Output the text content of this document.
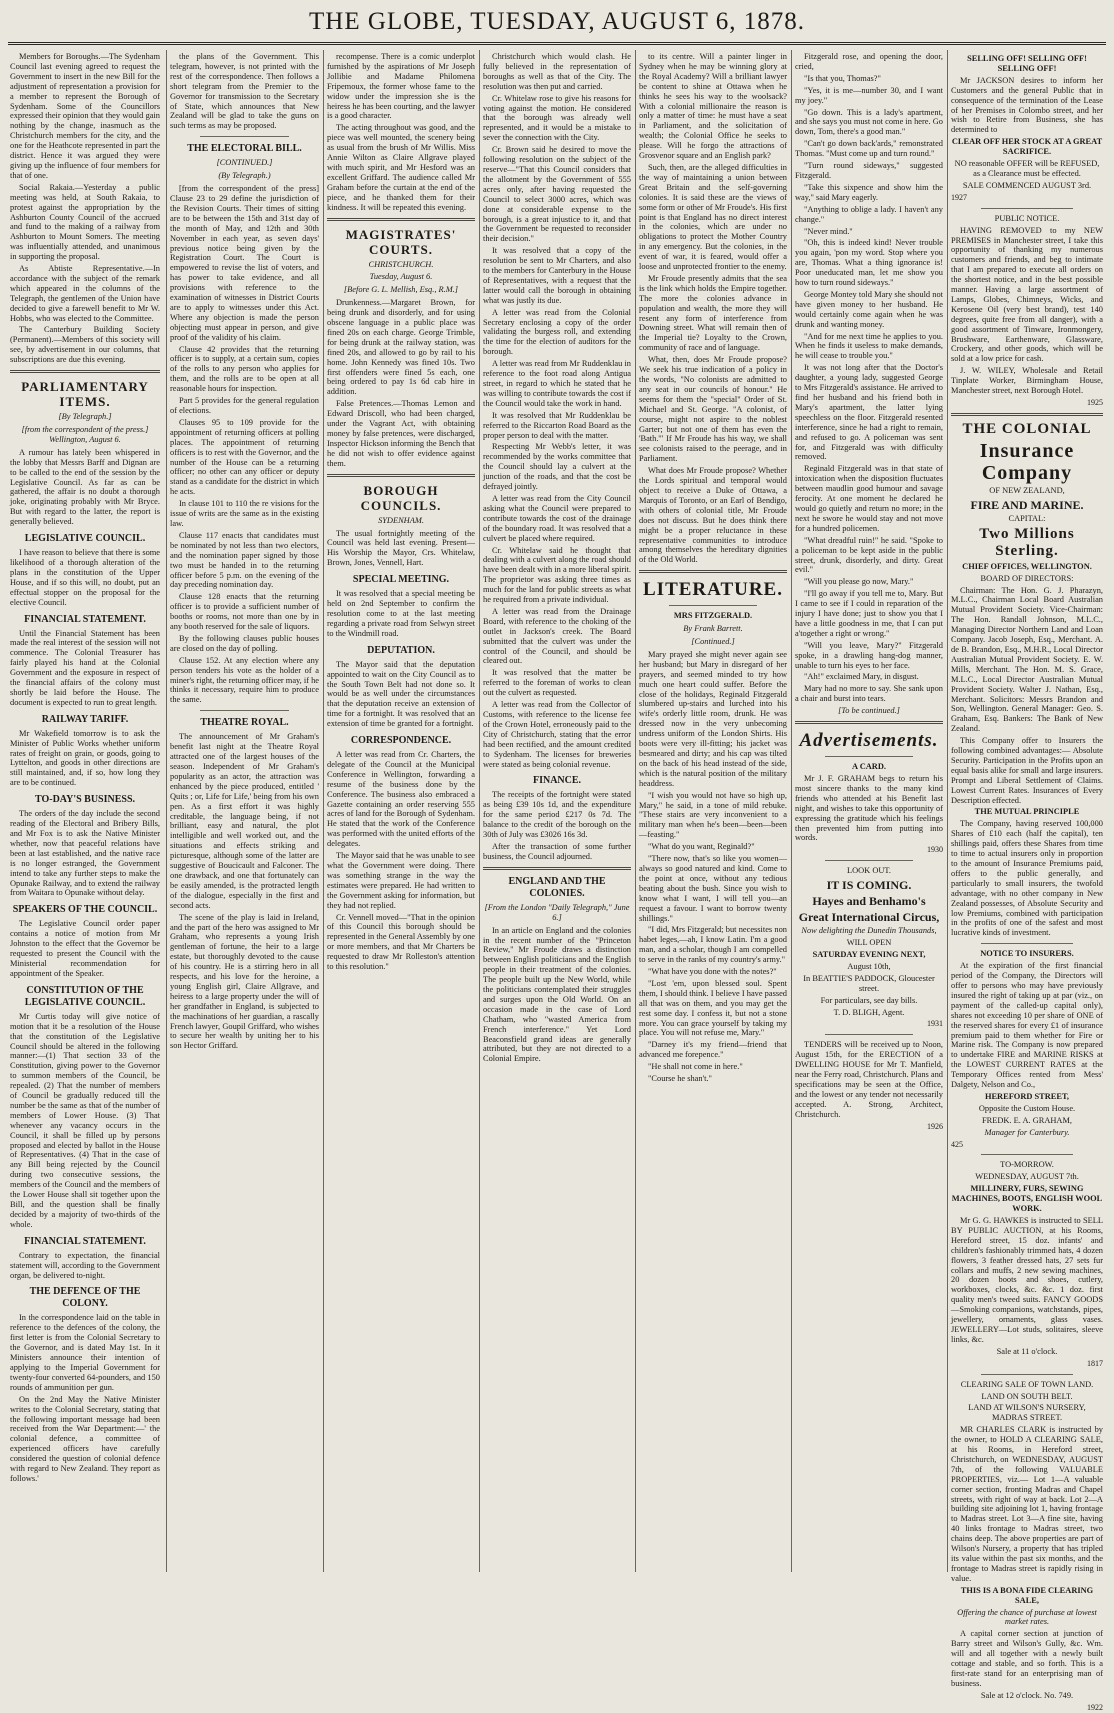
THE GLOBE, TUESDAY, AUGUST 6, 1878.

Members for Boroughs.—The Sydenham Council last evening agreed to request the Government to insert in the new Bill for the adjustment of representation a provision for a member to represent the Borough of Sydenham. Some of the Councillors expressed their opinion that they would gain nothing by the change, inasmuch as the Christchurch members for the city, and the one for the Heathcote represented in part the district. Hence it was argued they were giving up the influence of four members for that of one.

Social Rakaia.—Yesterday a public meeting was held, at South Rakaia, to protest against the appropriation by the Ashburton County Council of the accrued and fund to the making of a railway from Ashburton to Mount Somers. The meeting was influentially attended, and unanimous in supporting the proposal.

As Abtiste Representative.—In accordance with the subject of the remark which appeared in the columns of the Telegraph, the gentlemen of the Union have decided to give a farewell benefit to Mr W. Hobbs, who was elected to the Committee.

The Canterbury Building Society (Permanent).—Members of this society will see, by advertisement in our columns, that subscriptions are due this evening.

PARLIAMENTARY ITEMS.

[By Telegraph.]

[from the correspondent of the press.] Wellington, August 6.

A rumour has lately been whispered in the lobby that Messrs Barff and Dignan are to be called to the end of the session by the Legislative Council. As far as can be gathered, the affair is no doubt a thorough joke, originating probably with Mr Bryce. But with regard to the latter, the report is generally believed.

LEGISLATIVE COUNCIL.

I have reason to believe that there is some likelihood of a thorough alteration of the plans in the constitution of the Upper House, and if so this will, no doubt, put an effectual stopper on the proposal for the elective Council.

FINANCIAL STATEMENT.

Until the Financial Statement has been made the real interest of the session will not commence. The Colonial Treasurer has fairly played his hand at the Colonial Government and the exposure in respect of the financial affairs of the colony must shortly be laid before the House. The document is expected to run to great length.

RAILWAY TARIFF.

Mr Wakefield tomorrow is to ask the Minister of Public Works whether uniform rates of freight on grain, or goods, going to Lyttelton, and goods in other directions are still maintained, and, if so, how long they are to be continued.

TO-DAY'S BUSINESS.

The orders of the day include the second reading of the Electoral and Bribery Bills, and Mr Fox is to ask the Native Minister whether, now that peaceful relations have been at last established, and the native race is no longer estranged, the Government intend to take any further steps to make the Opunake Railway, and to extend the railway from Waitara to Opunake without delay.

SPEAKERS OF THE COUNCIL.

The Legislative Council order paper contains a notice of motion from Mr Johnston to the effect that the Governor be requested to present the Council with the Ministerial recommendation for appointment of the Speaker.

CONSTITUTION OF THE LEGISLATIVE COUNCIL.

Mr Curtis today will give notice of motion that it be a resolution of the House that the constitution of the Legislative Council should be altered in the following manner:—(1) That section 33 of the Constitution, giving power to the Governor to summon members of the Council, be repealed. (2) That the number of members of Council be gradually reduced till the number be the same as that of the number of members of Lower House. (3) That whenever any vacancy occurs in the Council, it shall be filled up by persons proposed and elected by ballot in the House of Representatives. (4) That in the case of any Bill being rejected by the Council during two consecutive sessions, the members of the Council and the members of the Lower House shall sit together upon the Bill, and the question shall be finally decided by a majority of two-thirds of the whole.

FINANCIAL STATEMENT.

Contrary to expectation, the financial statement will, according to the Government organ, be delivered to-night.

THE DEFENCE OF THE COLONY.

In the correspondence laid on the table in reference to the defences of the colony, the first letter is from the Colonial Secretary to the Governor, and is dated May 1st. In it Ministers announce their intention of applying to the Imperial Government for twenty-four converted 64-pounders, and 150 rounds of ammunition per gun.

On the 2nd May the Native Minister writes to the Colonial Secretary, stating that the following important message had been received from the War Department:—' the colonial defence, a committee of experienced officers have carefully considered the question of colonial defence with regard to New Zealand. They report as follows.'

the plans of the Government. This telegram, however, is not printed with the rest of the correspondence. Then follows a short telegram from the Premier to the Governor for transmission to the Secretary of State, which announces that New Zealand will be glad to take the guns on such terms as may be proposed.

THE ELECTORAL BILL.

[CONTINUED.]

(By Telegraph.)

[from the correspondent of the press] Clause 23 to 29 define the jurisdiction of the Revision Courts. Their times of sitting are to be between the 15th and 31st day of the month of May, and 12th and 30th November in each year, as seven days' previous notice being given by the Registration Court. The Court is empowered to revise the list of voters, and has power to take evidence, and all provisions with reference to the examination of witnesses in District Courts are to apply to witnesses under this Act. Where any objection is made the person objecting must appear in person, and give proof of the validity of his claim.

Clause 42 provides that the returning officer is to supply, at a certain sum, copies of the rolls to any person who applies for them, and the rolls are to be open at all reasonable hours for inspection.

Part 5 provides for the general regulation of elections.

Clauses 95 to 109 provide for the appointment of returning officers at polling places. The appointment of returning officers is to rest with the Governor, and the number of the House can be a returning officer; no other can any officer or deputy stand as a candidate for the district in which he acts.

In clause 101 to 110 the re visions for the issue of writs are the same as in the existing law.

Clause 117 enacts that candidates must be nominated by not less than two electors, and the nomination paper signed by those two must be handed in to the returning officer before 5 p.m. on the evening of the day preceding nomination day.

Clause 128 enacts that the returning officer is to provide a sufficient number of booths or rooms, not more than one by in any booth reserved for the sale of liquors.

By the following clauses public houses are closed on the day of polling.

Clause 152. At any election where any person tenders his vote as the holder of a miner's right, the returning officer may, if he thinks it necessary, require him to produce the same.

THEATRE ROYAL.

The announcement of Mr Graham's benefit last night at the Theatre Royal attracted one of the largest houses of the season. Independent of Mr Graham's popularity as an actor, the attraction was enhanced by the piece produced, entitled ' Quits ; or, Life for Life,' being from his own pen. As a first effort it was highly creditable, the language being, if not brilliant, easy and natural, the plot intelligible and well worked out, and the situations and effects striking and picturesque, although some of the latter are suggestive of Boucicault and Falconer. The one drawback, and one that fortunately can be easily amended, is the protracted length of the dialogue, especially in the first and second acts.

The scene of the play is laid in Ireland, and the part of the hero was assigned to Mr Graham, who represents a young Irish gentleman of fortune, the heir to a large estate, but thoroughly devoted to the cause of his country. He is a stirring hero in all respects, and his love for the heroine, a young English girl, Claire Allgrave, and heiress to a large property under the will of her grandfather in England, is subjected to the machinations of her guardian, a rascally French lawyer, Goupil Griffard, who wishes to secure her wealth by uniting her to his son Hector Griffard.

recompense. There is a comic underplot furnished by the aspirations of Mr Joseph Jollibie and Madame Philomena Fripemoux, the former whose fame to the widow under the impression she is the heiress he has been courting, and the lawyer is a good character.

The acting throughout was good, and the piece was well mounted, the scenery being as usual from the brush of Mr Willis. Miss Annie Wilton as Claire Allgrave played with much spirit, and Mr Hesford was an excellent Griffard. The audience called Mr Graham before the curtain at the end of the piece, and he thanked them for their kindness. It will be repeated this evening.

MAGISTRATES' COURTS.

CHRISTCHURCH.

Tuesday, August 6.

[Before G. L. Mellish, Esq., R.M.]

Drunkenness.—Margaret Brown, for being drunk and disorderly, and for using obscene language in a public place was fined 20s on each charge. George Trimble, for being drunk at the railway station, was fined 20s, and allowed to go by rail to his home. John Kennedy was fined 10s. Two first offenders were fined 5s each, one being ordered to pay 1s 6d cab hire in addition.

False Pretences.—Thomas Lemon and Edward Driscoll, who had been charged, under the Vagrant Act, with obtaining money by false pretences, were discharged, Inspector Hickson informing the Bench that he did not wish to offer evidence against them.

BOROUGH COUNCILS.

SYDENHAM.

The usual fortnightly meeting of the Council was held last evening. Present—His Worship the Mayor, Crs. Whitelaw, Brown, Jones, Vennell, Hart.

SPECIAL MEETING.

It was resolved that a special meeting be held on 2nd September to confirm the resolution come to at the last meeting regarding a private road from Selwyn street to the Windmill road.

DEPUTATION.

The Mayor said that the deputation appointed to wait on the City Council as to the South Town Belt had not done so. It would be as well under the circumstances that the deputation receive an extension of time for a fortnight. It was resolved that an extension of time be granted for a fortnight.

CORRESPONDENCE.

A letter was read from Cr. Charters, the delegate of the Council at the Municipal Conference in Wellington, forwarding a resume of the business done by the Conference. The business also embraced a Gazette containing an order reserving 555 acres of land for the Borough of Sydenham. He stated that the work of the Conference was performed with the united efforts of the delegates.

The Mayor said that he was unable to see what the Government were doing. There was something strange in the way the estimates were prepared. He had written to the Government asking for information, but they had not replied.

Cr. Vennell moved—"That in the opinion of this Council this borough should be represented in the General Assembly by one or more members, and that Mr Charters be requested to draw Mr Rolleston's attention to this resolution."

Christchurch which would clash. He fully believed in the representation of boroughs as well as that of the City. The resolution was then put and carried.

Cr. Whitelaw rose to give his reasons for voting against the motion. He considered that the borough was already well represented, and it would be a mistake to sever the connection with the City.

Cr. Brown said he desired to move the following resolution on the subject of the reserve—"That this Council considers that the allotment by the Government of 555 acres only, after having requested the Council to select 3000 acres, which was done at considerable expense to the borough, is a great injustice to it, and that the Government be requested to reconsider their decision."

It was resolved that a copy of the resolution be sent to Mr Charters, and also to the members for Canterbury in the House of Representatives, with a request that the latter would call the borough in obtaining what was justly its due.

A letter was read from the Colonial Secretary enclosing a copy of the order validating the burgess roll, and extending the time for the election of auditors for the borough.

A letter was read from Mr Ruddenklau in reference to the foot road along Antigua street, in regard to which he stated that he was willing to contribute towards the cost if the Council would take the work in hand.

It was resolved that Mr Ruddenklau be referred to the Riccarton Road Board as the proper person to deal with the matter.

Respecting Mr Webb's letter, it was recommended by the works committee that the Council should lay a culvert at the junction of the roads, and that the cost be defrayed jointly.

A letter was read from the City Council asking what the Council were prepared to contribute towards the cost of the drainage of the boundary road. It was resolved that a culvert be placed where required.

Cr. Whitelaw said he thought that dealing with a culvert along the road should have been dealt with in a more liberal spirit. The proprietor was asking three times as much for the land for public streets as what he required from a private individual.

A letter was read from the Drainage Board, with reference to the choking of the outlet in Jackson's creek. The Board submitted that the culvert was under the control of the Council, and should be cleared out.

It was resolved that the matter be referred to the foreman of works to clean out the culvert as requested.

A letter was read from the Collector of Customs, with reference to the license fee of the Crown Hotel, erroneously paid to the City of Christchurch, stating that the error had been rectified, and the amount credited to Sydenham. The licenses for breweries were stated as being colonial revenue.

FINANCE.

The receipts of the fortnight were stated as being £39 10s 1d, and the expenditure for the same period £217 0s 7d. The balance to the credit of the borough on the 30th of July was £3026 16s 3d.

After the transaction of some further business, the Council adjourned.

ENGLAND AND THE COLONIES.

[From the London "Daily Telegraph," June 6.]

In an article on England and the colonies in the recent number of the "Princeton Review," Mr Froude draws a distinction between English politicians and the English people in their treatment of the colonies. The people built up the New World, while the politicians contemplated their struggles and surges upon the Old World. On an occasion made in the case of Lord Chatham, who "wasted America from French interference." Yet Lord Beaconsfield grand ideas are generally attributed, but they are not directed to a Colonial Empire.

to its centre. Will a painter linger in Sydney when he may be winning glory at the Royal Academy? Will a brilliant lawyer be content to shine at Ottawa when he thinks he sees his way to the woolsack? With a colonial millionaire the reason is only a matter of time: he must have a seat in Parliament, and the solicitation of wealth; the Colonial Office he seeks to please. Will he forgo the attractions of Grosvenor square and an English park?

Such, then, are the alleged difficulties in the way of maintaining a union between Great Britain and the self-governing colonies. It is said these are the views of some form or other of Mr Froude's. His first point is that England has no direct interest in the colonies, which are under no obligations to protect the Mother Country in any emergency. But the colonies, in the event of war, it is feared, would offer a loose and unprotected frontier to the enemy.

Mr Froude presently admits that the sea is the link which holds the Empire together. The more the colonies advance in population and wealth, the more they will resent any form of interference from Downing street. What will remain then of the Imperial tie? Loyalty to the Crown, community of race and of language.

What, then, does Mr Froude propose? We seek his true indication of a policy in the words, "No colonists are admitted to any seat in our councils of honour." He seems for them the "special" Order of St. Michael and St. George. "A colonist, of course, might not aspire to the noblest Garter; but not one of them has even the 'Bath.'" If Mr Froude has his way, we shall see colonists raised to the peerage, and in Parliament.

What does Mr Froude propose? Whether the Lords spiritual and temporal would object to receive a Duke of Ottawa, a Marquis of Toronto, or an Earl of Bendigo, with others of colonial title, Mr Froude does not discuss. But he does think there might be a proper reluctance in these representative communities to introduce among themselves the hereditary dignities of the Old World.

LITERATURE.

MRS FITZGERALD.

By Frank Barrett.

[Continued.]

Mary prayed she might never again see her husband; but Mary in disregard of her prayers, and seemed minded to try how much one heart could suffer. Before the close of the holidays, Reginald Fitzgerald slumbered up-stairs and lurched into his wife's orderly little room, drunk. He was dressed now in the very unbecoming undress uniform of the London Shirts. His boots were very ill-fitting; his jacket was besmeared and dirty; and his cap was tilted on the back of his head instead of the side, which is the natural position of the military headdress.

"I wish you would not have so high up, Mary," he said, in a tone of mild rebuke. "These stairs are very inconvenient to a military man when he's been—been—been—feasting."

"What do you want, Reginald?"

"There now, that's so like you women—always so good natured and kind. Come to the point at once, without any tedious beating about the bush. Since you wish to know what I want, I will tell you—an request a favour. I want to borrow twenty shillings."

"I did, Mrs Fitzgerald; but necessites non habet leges,—ah, I know Latin. I'm a good man, and a scholar, though I am compelled to serve in the ranks of my country's army."

"What have you done with the notes?"

"Lost 'em, upon blessed soul. Spent them, I should think. I believe I have passed all that was on them, and you may get the rest some day. I confess it, but not a stone more. You can grace yourself by taking my place. You will not refuse me, Mary."

"Darney it's my friend—friend that advanced me forepence."

"He shall not come in here."

"Course he shan't."

Fitzgerald rose, and opening the door, cried,

"Is that you, Thomas?"

"Yes, it is me—number 30, and I want my joey."

"Go down. This is a lady's apartment, and she says you must not come in here. Go down, Tom, there's a good man."

"Can't go down back'ards," remonstrated Thomas. "Must come up and turn round."

"Turn round sideways," suggested Fitzgerald.

"Take this sixpence and show him the way," said Mary eagerly.

"Anything to oblige a lady. I haven't any change."

"Never mind."

"Oh, this is indeed kind! Never trouble you again, 'pon my word. Stop where you are, Thomas. What a thing ignorance is! Poor uneducated man, let me show you how to turn round sideways."

George Montey told Mary she should not have given money to her husband. He would certainly come again when he was drunk and wanting money.

"And for me next time he applies to you. When he finds it useless to make demands, he will cease to trouble you."

It was not long after that the Doctor's daughter, a young lady, suggested George to Mrs Fitzgerald's assistance. He arrived to find her husband and his friend both in Mary's apartment, the latter lying speechless on the floor. Fitzgerald resented interference, since he had a right to remain, and refused to go. A policeman was sent for, and Fitzgerald was with difficulty removed.

Reginald Fitzgerald was in that state of intoxication when the disposition fluctuates between maudlin good humour and savage ferocity. At one moment he declared he would go quietly and return no more; in the next he swore he would stay and not move for a hundred policemen.

"What dreadful ruin!" he said. "Spoke to a policeman to be kept aside in the public street, drunk, disorderly, and dirty. Great evil."

"Will you please go now, Mary."

"I'll go away if you tell me to, Mary. But I came to see if I could in reparation of the injury I have done; just to show you that I have a little goodness in me, that I can put a'together a right or wrong."

"Will you leave, Mary?" Fitzgerald spoke, in a drawling hang-dog manner, unable to turn his eyes to her face.

"Ah!" exclaimed Mary, in disgust.

Mary had no more to say. She sank upon a chair and burst into tears.

[To be continued.]

Advertisements.

A CARD.

Mr J. F. GRAHAM begs to return his most sincere thanks to the many kind friends who attended at his Benefit last night, and wishes to take this opportunity of expressing the gratitude which his feelings then prevented him from putting into words.

1930

LOOK OUT.

IT IS COMING.

Hayes and Benhamo's

Great International Circus,

Now delighting the Dunedin Thousands,

WILL OPEN

SATURDAY EVENING NEXT,

August 10th,

In BEATTIE'S PADDOCK, Gloucester street.

For particulars, see day bills.

T. D. BLIGH, Agent.

1931

TENDERS will be received up to Noon, August 15th, for the ERECTION of a DWELLING HOUSE for Mr T. Manfield, near the Ferry road, Christchurch. Plans and specifications may be seen at the Office, and the lowest or any tender not necessarily accepted. A. Strong, Architect, Christchurch.

1926

SELLING OFF! SELLING OFF! SELLING OFF!

Mr JACKSON desires to inform her Customers and the general Public that in consequence of the termination of the Lease of her Premises in Colombo street, and her wish to Retire from Business, she has determined to

CLEAR OFF HER STOCK AT A GREAT SACRIFICE.

NO reasonable OFFER will be REFUSED, as a Clearance must be effected.

SALE COMMENCED AUGUST 3rd.

1927

PUBLIC NOTICE.

HAVING REMOVED to my NEW PREMISES in Manchester street, I take this opportunity of thanking my numerous customers and friends, and beg to intimate that I am prepared to execute all orders on the shortest notice, and in the best possible manner. Having a large assortment of Lamps, Globes, Chimneys, Wicks, and Kerosene Oil (very best brand), test 140 degrees, quite free from all danger), with a good assortment of Tinware, Ironmongery, Brushware, Earthenware, Glassware, Crockery, and other goods, which will be sold at a low price for cash.

J. W. WILEY, Wholesale and Retail Tinplate Worker, Birmingham House, Manchester street, next Borough Hotel.

1925

THE COLONIAL

Insurance Company

OF NEW ZEALAND,

FIRE AND MARINE.

CAPITAL:

Two Millions Sterling.

CHIEF OFFICES, WELLINGTON.

BOARD OF DIRECTORS:

Chairman: The Hon. G. J. Pharazyn, M.L.C., Chairman Local Board Australian Mutual Provident Society. Vice-Chairman: The Hon. Randall Johnson, M.L.C., Managing Director Northern Land and Loan Company. Jacob Joseph, Esq., Merchant. A. de B. Brandon, Esq., M.H.R., Local Director Australian Mutual Provident Society. E. W. Mills, Merchant. The Hon. M. S. Grace, M.L.C., Local Director Australian Mutual Provident Society. Walter J. Nathan, Esq., Merchant. Solicitors: Messrs Brandon and Son, Wellington. General Manager: Geo. S. Graham, Esq. Bankers: The Bank of New Zealand.

This Company offer to Insurers the following combined advantages:— Absolute Security. Participation in the Profits upon an equal basis alike for small and large insurers. Prompt and Liberal Settlement of Claims. Lowest Current Rates. Insurances of Every Description effected.

THE MUTUAL PRINCIPLE

The Company, having reserved 100,000 Shares of £10 each (half the capital), ten shillings paid, offers these Shares from time to time to actual insurers only in proportion to the amount of Insurance Premiums paid, offers to the public generally, and particularly to small insurers, the twofold advantage, with no other company in New Zealand possesses, of Absolute Security and low Premiums, combined with participation in the profits of one of the safest and most lucrative kinds of investment.

NOTICE TO INSURERS.

At the expiration of the first financial period of the Company, the Directors will offer to persons who may have previously insured the right of taking up at par (viz., on payment of the called-up capital only), shares not exceeding 10 per share of ONE of the reserved shares for every £1 of insurance premium paid to them whether for Fire or Marine risk. The Company is now prepared to undertake FIRE and MARINE RISKS at the LOWEST CURRENT RATES at the Temporary Offices rented from Mess' Dalgety, Nelson and Co.,

HEREFORD STREET,

Opposite the Custom House.

FREDK. E. A. GRAHAM,

Manager for Canterbury.

425

TO-MORROW.

WEDNESDAY, AUGUST 7th.

MILLINERY, FURS, SEWING MACHINES, BOOTS, ENGLISH WOOL WORK.

Mr G. G. HAWKES is instructed to SELL BY PUBLIC AUCTION, at his Rooms, Hereford street, 15 doz. infants' and children's fashionably trimmed hats, 4 dozen flowers, 3 feather dressed hats, 27 sets fur collars and muffs, 2 new sewing machines, 20 dozen boots and shoes, cutlery, workboxes, clocks, &c. &c. 1 doz. first quality men's tweed suits. FANCY GOODS—Smoking companions, watchstands, pipes, jewellery, ornaments, glass vases. JEWELLERY—Lot studs, solitaires, sleeve links, &c.

Sale at 11 o'clock.

1817

CLEARING SALE OF TOWN LAND.

LAND ON SOUTH BELT.

LAND AT WILSON'S NURSERY, MADRAS STREET.

MR CHARLES CLARK is instructed by the owner, to HOLD A CLEARING SALE, at his Rooms, in Hereford street, Christchurch, on WEDNESDAY, AUGUST 7th, of the following VALUABLE PROPERTIES, viz.— Lot 1—A valuable corner section, fronting Madras and Chapel streets, with right of way at back. Lot 2—A building site adjoining lot 1, having frontage to Madras street. Lot 3—A fine site, having 40 links frontage to Madras street, two chains deep. The above properties are part of Wilson's Nursery, a property that has tripled its value within the past six months, and the frontage to Madras street is rapidly rising in value.

THIS IS A BONA FIDE CLEARING SALE,

Offering the chance of purchase at lowest market rates.

A capital corner section at junction of Barry street and Wilson's Gully, &c. Wm. will and all together with a newly built cottage and stable, and so forth. This is a first-rate stand for an enterprising man of business.

Sale at 12 o'clock. No. 749.

1922
